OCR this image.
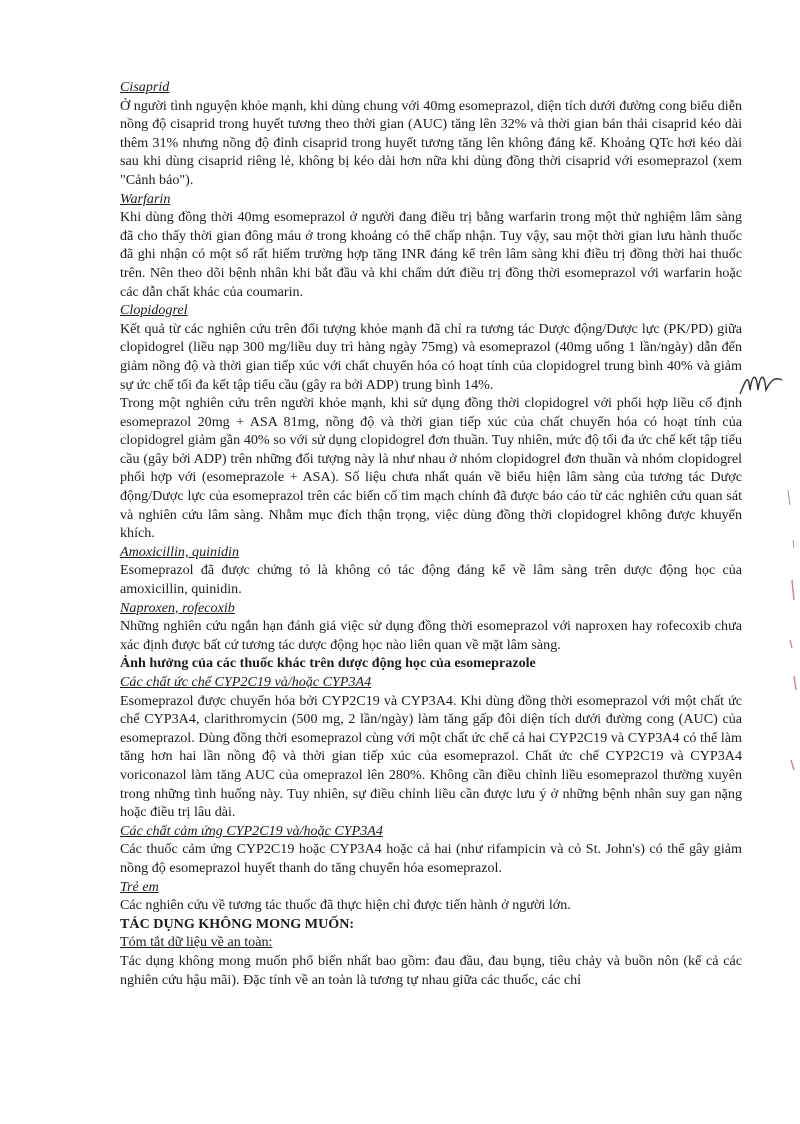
Cisaprid

Ở người tình nguyện khỏe mạnh, khi dùng chung với 40mg esomeprazol, diện tích dưới đường cong biểu diễn nồng độ cisaprid trong huyết tương theo thời gian (AUC) tăng lên 32% và thời gian bán thải cisaprid kéo dài thêm 31% nhưng nồng độ đỉnh cisaprid trong huyết tương tăng lên không đáng kể. Khoảng QTc hơi kéo dài sau khi dùng cisaprid riêng lẻ, không bị kéo dài hơn nữa khi dùng đồng thời cisaprid với esomeprazol (xem "Cảnh báo").

Warfarin

Khi dùng đồng thời 40mg esomeprazol ở người đang điều trị bằng warfarin trong một thử nghiệm lâm sàng đã cho thấy thời gian đông máu ở trong khoảng có thể chấp nhận. Tuy vậy, sau một thời gian lưu hành thuốc đã ghi nhận có một số rất hiếm trường hợp tăng INR đáng kể trên lâm sàng khi điều trị đồng thời hai thuốc trên. Nên theo dõi bệnh nhân khi bắt đầu và khi chấm dứt điều trị đồng thời esomeprazol với warfarin hoặc các dẫn chất khác của coumarin.

Clopidogrel

Kết quả từ các nghiên cứu trên đối tượng khỏe mạnh đã chỉ ra tương tác Dược động/Dược lực (PK/PD) giữa clopidogrel (liều nạp 300 mg/liều duy trì hàng ngày 75mg) và esomeprazol (40mg uống 1 lần/ngày) dẫn đến giảm nồng độ và thời gian tiếp xúc với chất chuyển hóa có hoạt tính của clopidogrel trung bình 40% và giảm sự ức chế tối đa kết tập tiểu cầu (gây ra bởi ADP) trung bình 14%.

Trong một nghiên cứu trên người khỏe mạnh, khi sử dụng đồng thời clopidogrel với phối hợp liều cố định esomeprazol 20mg + ASA 81mg, nồng độ và thời gian tiếp xúc của chất chuyển hóa có hoạt tính của clopidogrel giảm gần 40% so với sử dụng clopidogrel đơn thuần. Tuy nhiên, mức độ tối đa ức chế kết tập tiểu cầu (gây bởi ADP) trên những đối tượng này là như nhau ở nhóm clopidogrel đơn thuần và nhóm clopidogrel phối hợp với (esomeprazole + ASA). Số liệu chưa nhất quán về biểu hiện lâm sàng của tương tác Dược động/Dược lực của esomeprazol trên các biến cố tim mạch chính đã được báo cáo từ các nghiên cứu quan sát và nghiên cứu lâm sàng. Nhằm mục đích thận trọng, việc dùng đồng thời clopidogrel không được khuyến khích.

Amoxicillin, quinidin

Esomeprazol đã được chứng tỏ là không có tác động đáng kể về lâm sàng trên dược động học của amoxicillin, quinidin.

Naproxen, rofecoxib

Những nghiên cứu ngắn hạn đánh giá việc sử dụng đồng thời esomeprazol với naproxen hay rofecoxib chưa xác định được bất cứ tương tác dược động học nào liên quan về mặt lâm sàng.

Ảnh hưởng của các thuốc khác trên dược động học của esomeprazole

Các chất ức chế CYP2C19 và/hoặc CYP3A4

Esomeprazol được chuyển hóa bởi CYP2C19 và CYP3A4. Khi dùng đồng thời esomeprazol với một chất ức chế CYP3A4, clarithromycin (500 mg, 2 lần/ngày) làm tăng gấp đôi diện tích dưới đường cong (AUC) của esomeprazol. Dùng đồng thời esomeprazol cùng với một chất ức chế cả hai CYP2C19 và CYP3A4 có thể làm tăng hơn hai lần nồng độ và thời gian tiếp xúc của esomeprazol. Chất ức chế CYP2C19 và CYP3A4 voriconazol làm tăng AUC của omeprazol lên 280%. Không cần điều chỉnh liều esomeprazol thường xuyên trong những tình huống này. Tuy nhiên, sự điều chỉnh liều cần được lưu ý ở những bệnh nhân suy gan nặng hoặc điều trị lâu dài.

Các chất cảm ứng CYP2C19 và/hoặc CYP3A4

Các thuốc cảm ứng CYP2C19 hoặc CYP3A4 hoặc cả hai (như rifampicin và cỏ St. John's) có thể gây giảm nồng độ esomeprazol huyết thanh do tăng chuyển hóa esomeprazol.

Trẻ em

Các nghiên cứu về tương tác thuốc đã thực hiện chỉ được tiến hành ở người lớn.

TÁC DỤNG KHÔNG MONG MUỐN:

Tóm tắt dữ liệu về an toàn:

Tác dụng không mong muốn phổ biến nhất bao gồm: đau đầu, đau bụng, tiêu chảy và buồn nôn (kể cả các nghiên cứu hậu mãi). Đặc tính về an toàn là tương tự nhau giữa các thuốc, các chỉ
